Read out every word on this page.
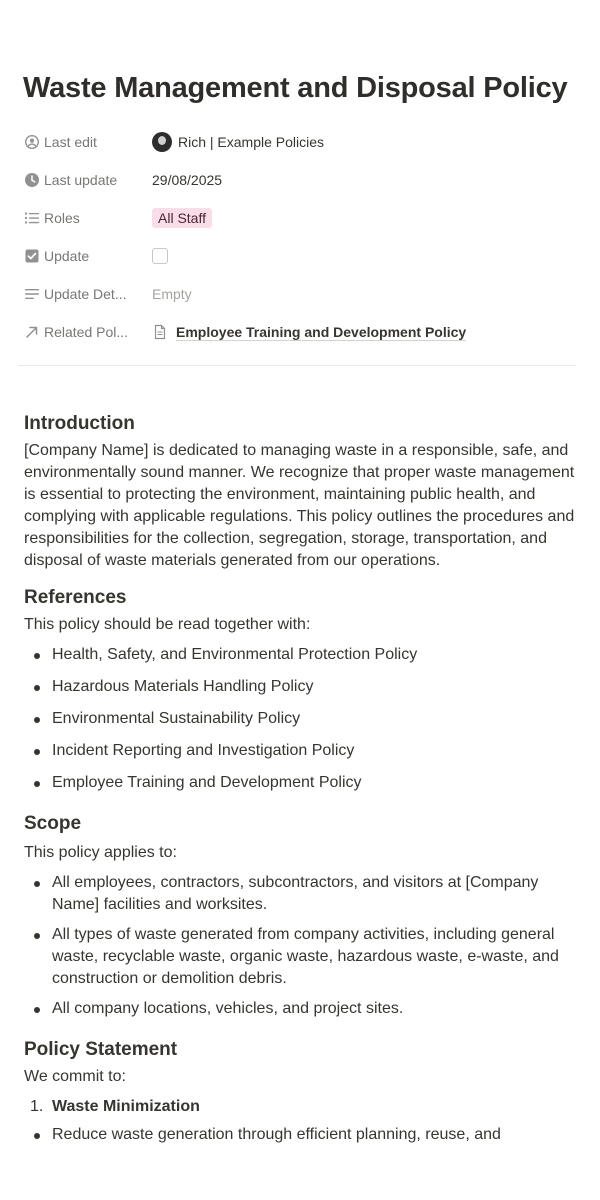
Waste Management and Disposal Policy
Last edit	Rich | Example Policies
Last update 29/08/2025
Roles	All Staff
Update
Update Det... Empty
Related Pol...	Employee Training and Development Policy
Introduction

[Company Name] is dedicated to managing waste in a responsible, safe, and environmentally sound manner. We recognize that proper waste management is essential to protecting the environment, maintaining public health, and complying with applicable regulations. This policy outlines the procedures and responsibilities for the collection, segregation, storage, transportation, and disposal of waste materials generated from our operations.

References

This policy should be read together with:

Health, Safety, and Environmental Protection Policy
Hazardous Materials Handling Policy
Environmental Sustainability Policy
Incident Reporting and Investigation Policy
Employee Training and Development Policy
Scope

This policy applies to:

All employees, contractors, subcontractors, and visitors at [Company Name] facilities and worksites.
All types of waste generated from company activities, including general waste, recyclable waste, organic waste, hazardous waste, e-waste, and construction or demolition debris.
All company locations, vehicles, and project sites.
Policy Statement

We commit to:

1. Waste Minimization
Reduce waste generation through efficient planning, reuse, and
